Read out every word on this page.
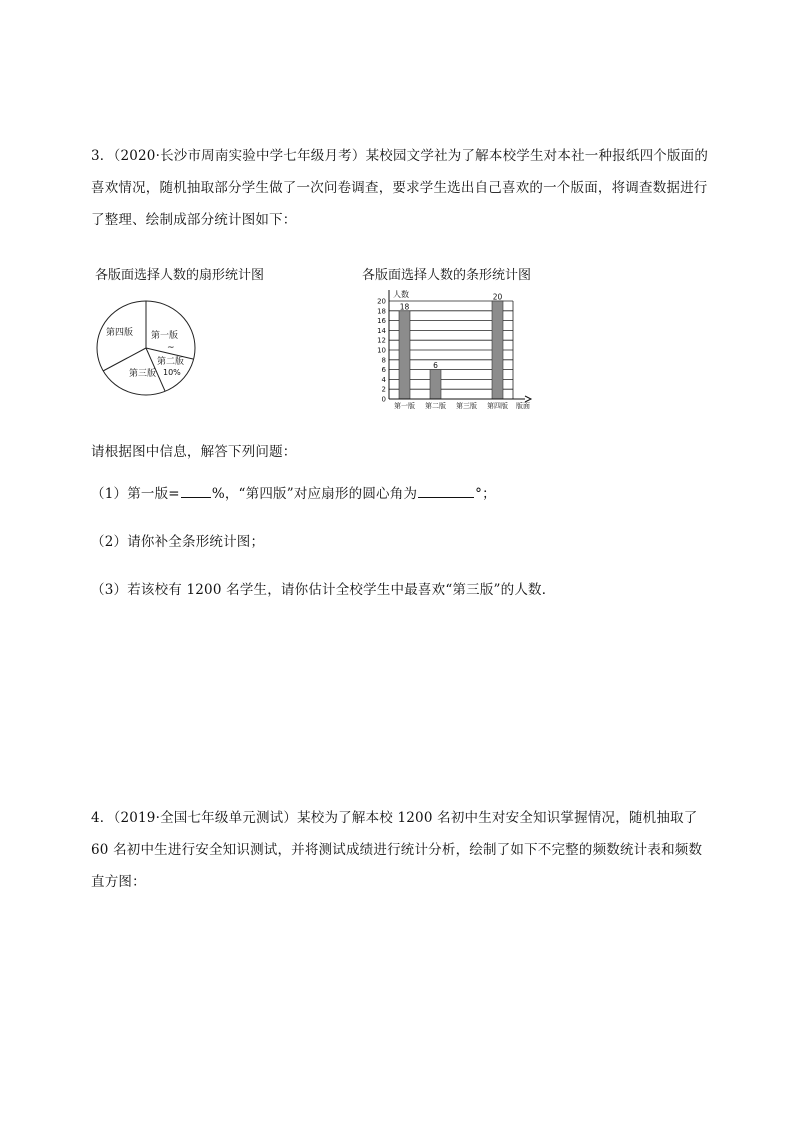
3．（2020·长沙市周南实验中学七年级月考）某校园文学社为了解本校学生对本社一种报纸四个版面的喜欢情况，随机抽取部分学生做了一次问卷调查，要求学生选出自己喜欢的一个版面，将调查数据进行了整理、绘制成部分统计图如下：
各版面选择人数的扇形统计图	各版面选择人数的条形统计图
第四版 第一版
~
第二版
第三版 10%
0
2
4
6
8
10
12
14
16
18
20
18
6
20
第一版 第二版 第三版 第四版
人数
版面
请根据图中信息，解答下列问题：
（1）第一版= %，“第四版”对应扇形的圆心角为	°；
（2）请你补全条形统计图；
（3）若该校有 1200 名学生，请你估计全校学生中最喜欢“第三版”的人数．
4．（2019·全国七年级单元测试）某校为了解本校 1200 名初中生对安全知识掌握情况，随机抽取了 60 名初中生进行安全知识测试，并将测试成绩进行统计分析，绘制了如下不完整的频数统计表和频数直方图：
